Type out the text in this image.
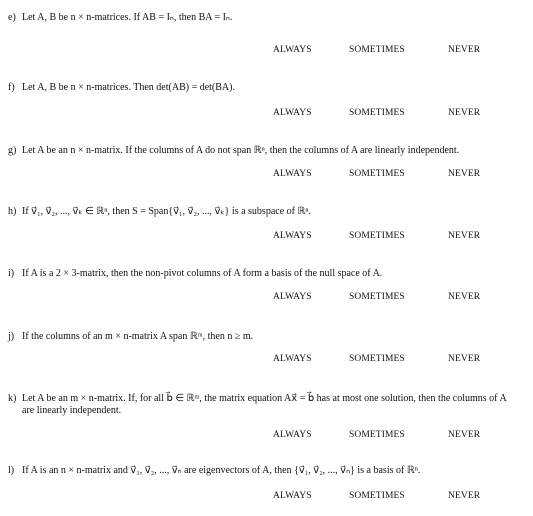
e) Let A, B be n × n-matrices. If AB = Iₙ, then BA = Iₙ.
ALWAYS	SOMETIMES	NEVER
f) Let A, B be n × n-matrices. Then det(AB) = det(BA).
ALWAYS	SOMETIMES	NEVER
g) Let A be an n × n-matrix. If the columns of A do not span ℝⁿ, then the columns of A are linearly independent.
ALWAYS	SOMETIMES	NEVER
h) If v⃗₁, v⃗₂, ..., v⃗ₖ ∈ ℝⁿ, then S = Span{v⃗₁, v⃗₂, ..., v⃗ₖ} is a subspace of ℝⁿ.
ALWAYS	SOMETIMES	NEVER
i) If A is a 2 × 3-matrix, then the non-pivot columns of A form a basis of the null space of A.
ALWAYS	SOMETIMES	NEVER
j) If the columns of an m × n-matrix A span ℝᵐ, then n ≥ m.
ALWAYS	SOMETIMES	NEVER
k) Let A be an m × n-matrix. If, for all b⃗ ∈ ℝᵐ, the matrix equation Ax⃗ = b⃗ has at most one solution, then the columns of A are linearly independent.
ALWAYS	SOMETIMES	NEVER
l) If A is an n × n-matrix and v⃗₁, v⃗₂, ..., v⃗ₙ are eigenvectors of A, then {v⃗₁, v⃗₂, ..., v⃗ₙ} is a basis of ℝⁿ.
ALWAYS	SOMETIMES	NEVER
